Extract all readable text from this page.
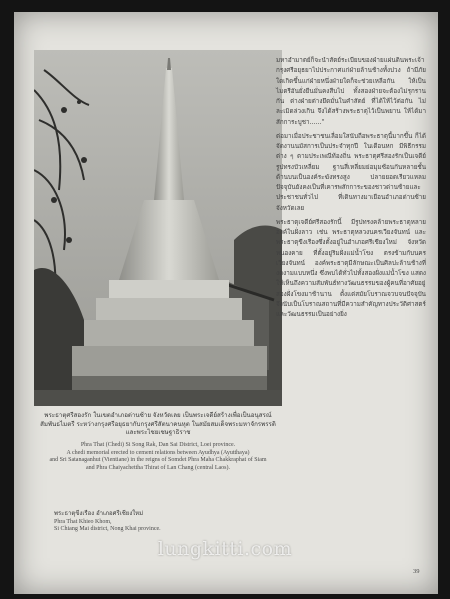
พระธาตุศรีสองรัก ในเขตอำเภอด่านซ้าย จังหวัดเลย เป็นพระเจดีย์สร้างเพื่อเป็นอนุสรณ์สัมพันธไมตรี ระหว่างกรุงศรีอยุธยากับกรุงศรีสัตนาคนหุต ในสมัยสมเด็จพระมหาจักรพรรดิ และพระไชยเชษฐาธิราช

Phra That (Chedi) Si Song Rak, Dan Sai District, Loei province.

A chedi memorial erected to cement relations between Ayudhya (Ayutthaya)

and Sri Satanaganhut (Vientiane) in the reigns of Somdet Phra Maha Chakkraphat of Siam

and Phra Chaiyachettha Thirat of Lan Chang (central Laos).

พระธาตุขีงเรือง อำเภอศรีเชียงใหม่

Phra That Khieo Khom,

Si Chiang Mai district, Nong Khai province.

มหาอำมาตย์ก็จะนำสัตย์ระเบียบของฝ่ายแผ่นดินพระเจ้ากรุงศรีอยุธยาไปประกาศแก่ฝ่ายล้านช้างทั้งปวง ถ้ามีภัยใดเกิดขึ้นแก่ฝ่ายหนึ่งฝ่ายใดก็จะช่วยเหลือกัน ให้เป็นไมตรีอันยั่งยืนมั่นคงสืบไป ทั้งสองฝ่ายจะต้องไม่รุกรานกัน ต่างฝ่ายต่างยึดมั่นในคำสัตย์ ที่ได้ให้ไว้ต่อกัน ไม่ละเมิดล่วงเกิน จึงได้สร้างพระธาตุไว้เป็นพยาน ให้ได้มาสักการะบูชา......"

ต่อมาเมื่อประชาชนเลื่อมใสนับถือพระธาตุนี้มากขึ้น ก็ได้จัดงานนมัสการเป็นประจำทุกปี ในเดือนหก มีพิธีกรรมต่าง ๆ ตามประเพณีท้องถิ่น พระธาตุศรีสองรักเป็นเจดีย์รูปทรงบัวเหลี่ยม ฐานสี่เหลี่ยมย่อมุมซ้อนกันหลายชั้น ด้านบนเป็นองค์ระฆังทรงสูง ปลายยอดเรียวแหลม ปัจจุบันยังคงเป็นที่เคารพสักการะของชาวด่านซ้ายและประชาชนทั่วไป ที่เดินทางมาเยือนอำเภอด่านซ้าย จังหวัดเลย

พระธาตุเจดีย์ศรีสองรักนี้ มีรูปทรงคล้ายพระธาตุหลายองค์ในฝั่งลาว เช่น พระธาตุหลวงนครเวียงจันทน์ และพระธาตุขีงเรืองซึ่งตั้งอยู่ในอำเภอศรีเชียงใหม่ จังหวัดหนองคาย ที่ตั้งอยู่ริมฝั่งแม่น้ำโขง ตรงข้ามกับนครเวียงจันทน์ องค์พระธาตุมีลักษณะเป็นศิลปะล้านช้างที่งดงามแบบหนึ่ง ซึ่งพบได้ทั่วไปทั้งสองฝั่งแม่น้ำโขง แสดงให้เห็นถึงความสัมพันธ์ทางวัฒนธรรมของผู้คนที่อาศัยอยู่สองฝั่งโขงมาช้านาน ตั้งแต่สมัยโบราณจวบจนปัจจุบัน จึงนับเป็นโบราณสถานที่มีความสำคัญทางประวัติศาสตร์และวัฒนธรรมเป็นอย่างยิ่ง

39
lungkitti.com
